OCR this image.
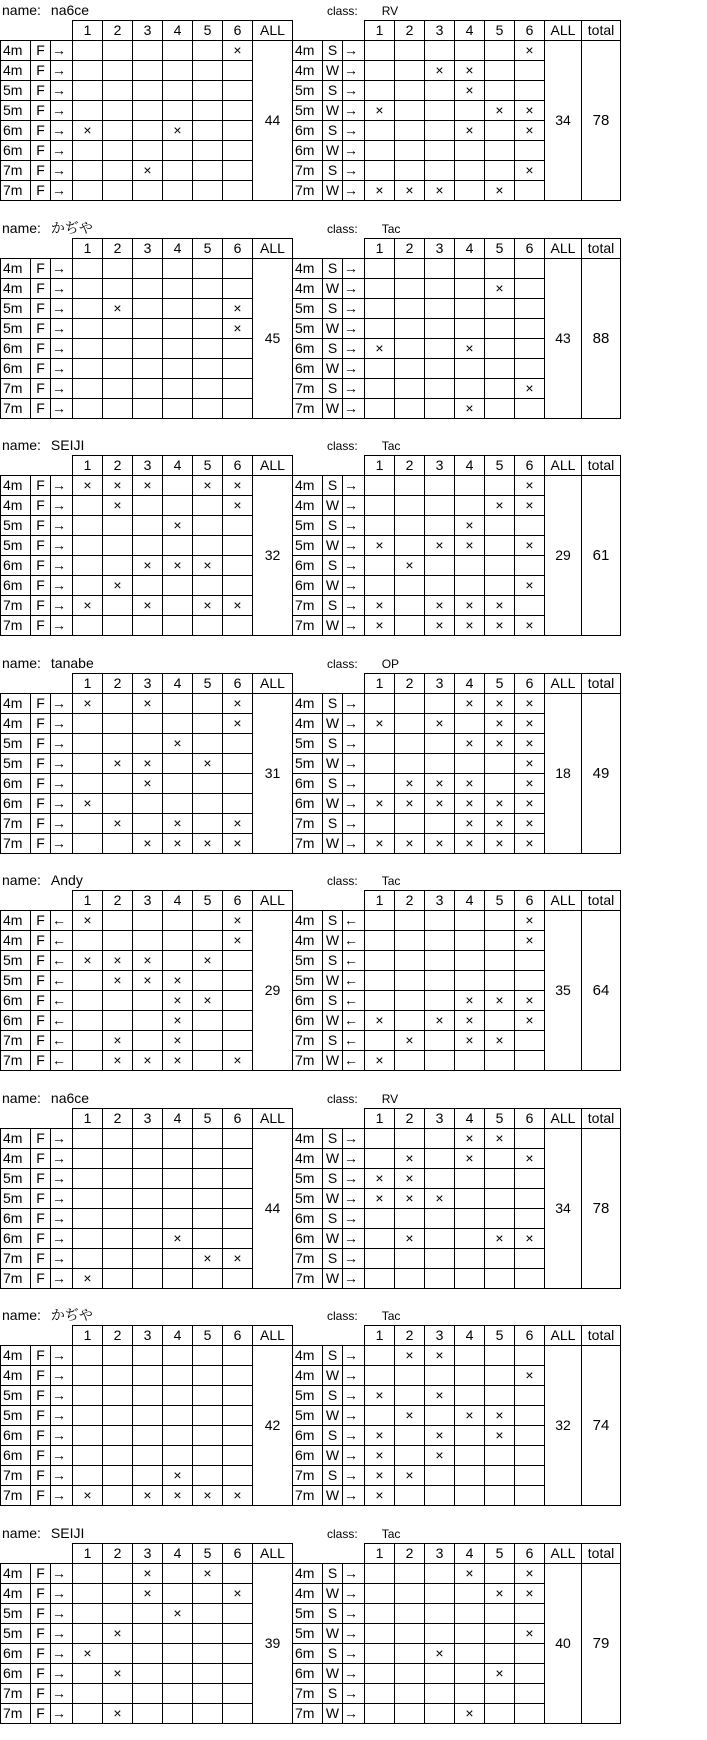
name: na6ce	class: RV
			1	2	3	4	5	6	ALL				1	2	3	4	5	6	ALL	total
4m	F	→						×	44	4m	S	→						×	34	78
4m	F	→								4m	W	→			×	×				
5m	F	→								5m	S	→				×				
5m	F	→								5m	W	→	×				×	×		
6m	F	→	×			×				6m	S	→				×		×		
6m	F	→								6m	W	→								
7m	F	→			×					7m	S	→						×		
7m	F	→								7m	W	→	×	×	×		×			
name: かぢや	class: Tac
			1	2	3	4	5	6	ALL				1	2	3	4	5	6	ALL	total
4m	F	→							45	4m	S	→							43	88
4m	F	→								4m	W	→					×			
5m	F	→		×				×		5m	S	→								
5m	F	→						×		5m	W	→								
6m	F	→								6m	S	→	×			×				
6m	F	→								6m	W	→								
7m	F	→								7m	S	→						×		
7m	F	→								7m	W	→				×				
name: SEIJI	class: Tac
			1	2	3	4	5	6	ALL				1	2	3	4	5	6	ALL	total
4m	F	→	×	×	×		×	×	32	4m	S	→						×	29	61
4m	F	→		×				×		4m	W	→					×	×		
5m	F	→				×				5m	S	→				×				
5m	F	→								5m	W	→	×		×	×		×		
6m	F	→			×	×	×			6m	S	→		×						
6m	F	→		×						6m	W	→						×		
7m	F	→	×		×		×	×		7m	S	→	×		×	×	×			
7m	F	→								7m	W	→	×		×	×	×	×		
name: tanabe	class: OP
			1	2	3	4	5	6	ALL				1	2	3	4	5	6	ALL	total
4m	F	→	×		×			×	31	4m	S	→				×	×	×	18	49
4m	F	→						×		4m	W	→	×		×		×	×		
5m	F	→				×				5m	S	→				×	×	×		
5m	F	→		×	×		×			5m	W	→						×		
6m	F	→			×					6m	S	→		×	×	×		×		
6m	F	→	×							6m	W	→	×	×	×	×	×	×		
7m	F	→		×		×		×		7m	S	→				×	×	×		
7m	F	→			×	×	×	×		7m	W	→	×	×	×	×	×	×		
name: Andy	class: Tac
			1	2	3	4	5	6	ALL				1	2	3	4	5	6	ALL	total
4m	F	←	×					×	29	4m	S	←						×	35	64
4m	F	←						×		4m	W	←						×		
5m	F	←	×	×	×		×			5m	S	←								
5m	F	←		×	×	×				5m	W	←								
6m	F	←				×	×			6m	S	←				×	×	×		
6m	F	←				×				6m	W	←	×		×	×		×		
7m	F	←		×		×				7m	S	←		×		×	×			
7m	F	←		×	×	×		×		7m	W	←	×							
name: na6ce	class: RV
			1	2	3	4	5	6	ALL				1	2	3	4	5	6	ALL	total
4m	F	→							44	4m	S	→				×	×		34	78
4m	F	→								4m	W	→		×		×		×		
5m	F	→								5m	S	→	×	×						
5m	F	→								5m	W	→	×	×	×					
6m	F	→								6m	S	→								
6m	F	→				×				6m	W	→		×			×	×		
7m	F	→					×	×		7m	S	→								
7m	F	→	×							7m	W	→								
name: かぢや	class: Tac
			1	2	3	4	5	6	ALL				1	2	3	4	5	6	ALL	total
4m	F	→							42	4m	S	→		×	×				32	74
4m	F	→								4m	W	→						×		
5m	F	→								5m	S	→	×		×					
5m	F	→								5m	W	→		×		×	×			
6m	F	→								6m	S	→	×		×		×			
6m	F	→								6m	W	→	×		×					
7m	F	→				×				7m	S	→	×	×						
7m	F	→	×		×	×	×	×		7m	W	→	×							
name: SEIJI	class: Tac
			1	2	3	4	5	6	ALL				1	2	3	4	5	6	ALL	total
4m	F	→			×		×		39	4m	S	→				×		×	40	79
4m	F	→			×			×		4m	W	→					×	×		
5m	F	→				×				5m	S	→								
5m	F	→		×						5m	W	→						×		
6m	F	→	×							6m	S	→			×					
6m	F	→		×						6m	W	→					×			
7m	F	→								7m	S	→								
7m	F	→		×						7m	W	→				×				
